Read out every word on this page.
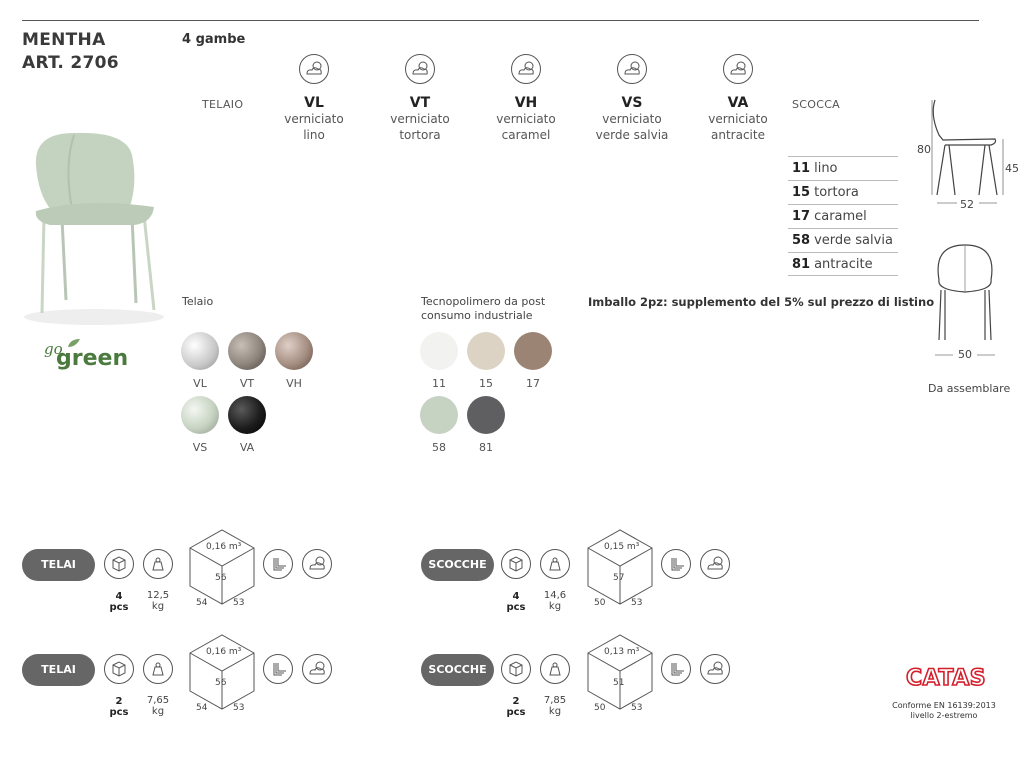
MENTHA
ART. 2706
4 gambe
go
green
TELAIO	VL
verniciato
lino
VT
verniciato
tortora
VH
verniciato
caramel
VS
verniciato
verde salvia
VA
verniciato
antracite
SCOCCA
11 lino
15 tortora
17 caramel
58 verde salvia
81 antracite
80
45
52
50
Da assemblare
Telaio
VL	VT	VH
VS	VA
Tecnopolimero da post
consumo industriale
11	15	17
58	81
Imballo 2pz: supplemento del 5% sul prezzo di listino
TELAI
4
pcs
12,5
kg
0,16 m³
56
54	53
SCOCCHE
4
pcs
14,6
kg
0,15 m³
57
50	53
TELAI
2
pcs
7,65
kg
0,16 m³
56
54	53
SCOCCHE
2
pcs
7,85
kg
0,13 m³
51
50	53
CATAS
Conforme EN 16139:2013
livello 2-estremo
